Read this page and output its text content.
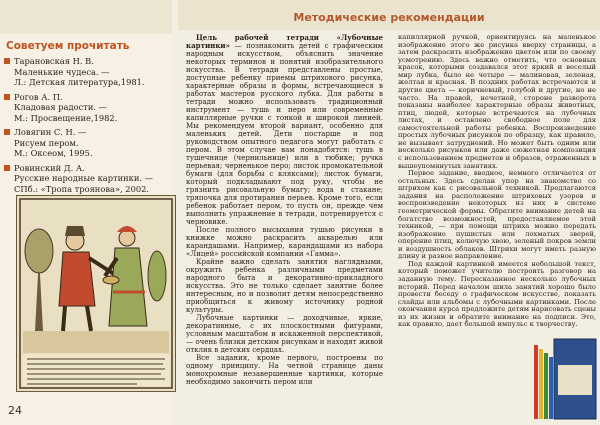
Советуем прочитать
Тарановская Н. В.
Маленькие чудеса. —
Л.: Детская литература,1981.
Рогов А. П.
Кладовая радости. —
М.: Просвещение,1982.
Ловягин С. Н. —
Рисуем пером.
М.: Оксеом, 1995.
Ровинский Д. А.
Русские народные картинки. —
СПб.: «Тропа троянова», 2002.
24
Методические рекомендации

Цель рабочей тетради «Лубочные картинки» — познакомить детей с графическим народным искусством, объяснить значение некоторых терминов и понятий изобразительного искусства. В тетради представлены простые, доступные ребенку приемы штрихового рисунка, характерные образы и формы, встречающиеся в работах мастеров русского лубка. Для работы в тетради можно использовать традиционный инструмент — тушь и перо или современные капиллярные ручки с тонкой и широкой линией. Мы рекомендуем второй вариант, особенно для маленьких детей. Дети постарше и под руководством опытного педагога могут работать с пером. В этом случае вам понадобятся: тушь в тушечнице (чернильнице) или в тюбике; ручка перьевая; черненькое перо; листок промокательной бумаги (для борьбы с кляксами); листок бумаги, который подкладывают под руку, чтобы не грязнить рисовальную бумагу; вода в стакане; тряпочка для протирания перьев. Кроме того, если ребенок работает пером, то пусть он, прежде чем выполнить упражнение в тетради, потренируется с черновике.

После полного высыхания тушью рисунки в книжке можно раскрасить акварелью или карандашами. Например, карандашами из набора «Лицей» российской компании «Гамма».

Крайне важно сделать занятия наглядными, окружить ребенка различными предметами народного быта и декоративно-прикладного искусства. Это не только сделает занятие более интересным, но и позволит детям непосредственно приобщиться к живому источнику родной культуры.

Лубочные картинки — доходчивые, яркие, декоративные, с их плоскостными фигурами, условным масштабом и искаженной перспективой, — очень близки детским рисункам и находят живой отклик в детских сердцах.

Все задания, кроме первого, построены по одному принципу. На четной странице даны монохромные незавершенные картинки, которые необходимо закончить пером или

капиллярной ручкой, ориентируясь на маленькое изображение этого же рисунка вверху страницы, а затем раскрасить изображение цветом или по своему усмотрению. Здесь важно отметить, что основных красок, которыми создавался этот яркий и веселый мир лубка, было не четыре — малиновая, зеленая, желтая и красная. В поздних работах встречаются и другие цвета — коричневый, голубой и другие, но не часто. На правой, нечетной, стороне разворота показаны наиболее характерные образы животных, птиц, людей, которые встречаются на лубочных листах, и оставлено свободное поле для самостоятельной работы ребенка. Воспроизведение простых лубочных рисунков по образцу, как правило, не вызывает затруднений. Но может быть одним или несколько рисунков или даже сюжетная композиция с использованием предметов и образов, отраженных в вышеупомянутых занятиях.

Первое задание, вводное, немного отличается от остальных. Здесь сделан упор на знакомство со штрихом как с рисовальной техникой. Предлагаются задания на расположение штриховых узоров и воспроизведение некоторых из них в системе геометрической формы. Обратите внимание детей на богатство возможностей, предоставляемое этой техникой, — при помощи штриха можно передать изображение пушистых или лохматых зверей, оперение птиц, колючую хвою, зеленый покров земли и воздушность облаков. Штрихи могут иметь разную длину и разное направление.

Под каждой картинкой имеется небольшой текст, который поможет учителю построить разговор на заданную тему. Пересказанное несколько лубочных историй. Перед началом шила занятий хорошо было провести беседу о графическом искусстве, показать слайды или альбомы с лубочными картинками. После окончания курса предложите детям нарисовать сцены из их жизни и обратите внимание на подписи. Это, как правило, дает большой импульс к творчеству.
